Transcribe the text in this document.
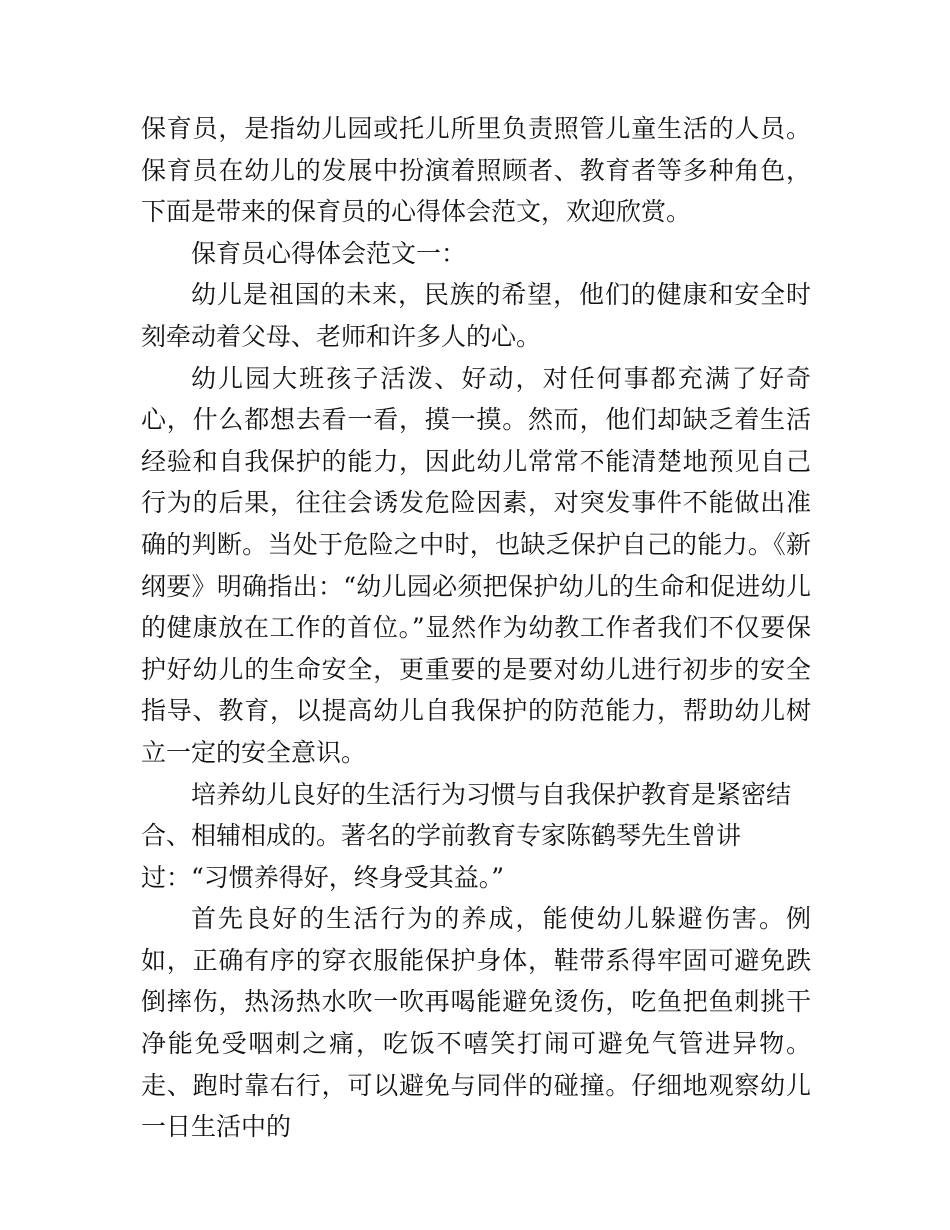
保育员，是指幼儿园或托儿所里负责照管儿童生活的人员。保育员在幼儿的发展中扮演着照顾者、教育者等多种角色，下面是带来的保育员的心得体会范文，欢迎欣赏。

保育员心得体会范文一：

幼儿是祖国的未来，民族的希望，他们的健康和安全时刻牵动着父母、老师和许多人的心。

幼儿园大班孩子活泼、好动，对任何事都充满了好奇心，什么都想去看一看，摸一摸。然而，他们却缺乏着生活经验和自我保护的能力，因此幼儿常常不能清楚地预见自己行为的后果，往往会诱发危险因素，对突发事件不能做出准确的判断。当处于危险之中时，也缺乏保护自己的能力。《新纲要》明确指出：“幼儿园必须把保护幼儿的生命和促进幼儿的健康放在工作的首位。”显然作为幼教工作者我们不仅要保护好幼儿的生命安全，更重要的是要对幼儿进行初步的安全指导、教育，以提高幼儿自我保护的防范能力，帮助幼儿树立一定的安全意识。

培养幼儿良好的生活行为习惯与自我保护教育是紧密结合、相辅相成的。著名的学前教育专家陈鹤琴先生曾讲过：“习惯养得好，终身受其益。”

首先良好的生活行为的养成，能使幼儿躲避伤害。例如，正确有序的穿衣服能保护身体，鞋带系得牢固可避免跌倒摔伤，热汤热水吹一吹再喝能避免烫伤，吃鱼把鱼刺挑干净能免受咽刺之痛，吃饭不嘻笑打闹可避免气管进异物。走、跑时靠右行，可以避免与同伴的碰撞。仔细地观察幼儿一日生活中的
